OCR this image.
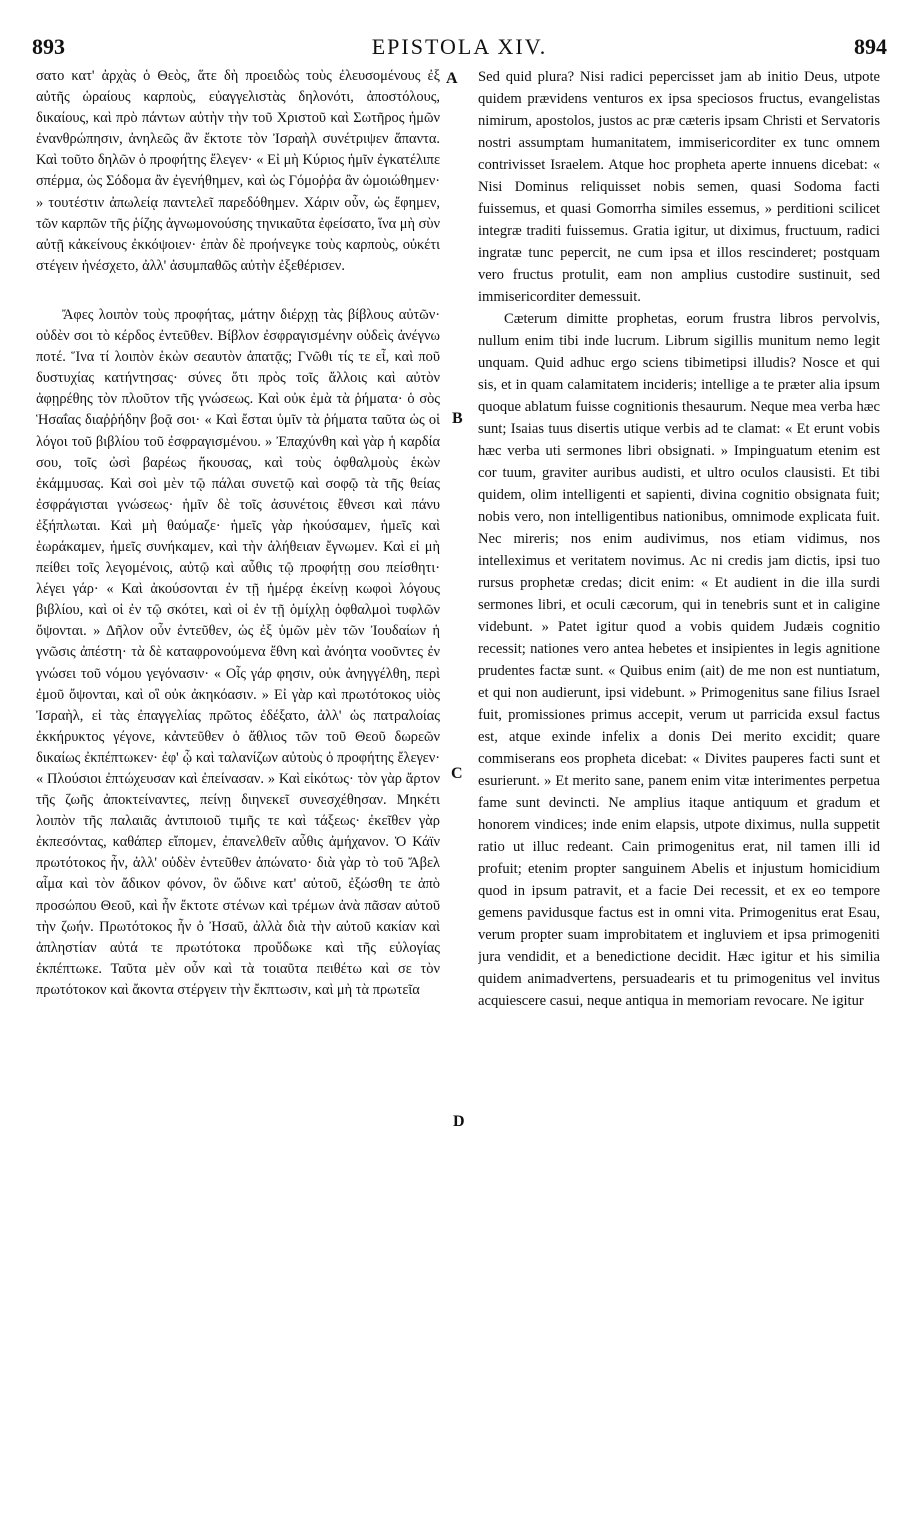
893	EPISTOLA XIV.	894

σατο κατ' ἀρχὰς ὁ Θεὸς, ἅτε δὴ προειδὼς τοὺς ἐλευσομένους ἐξ αὐτῆς ὡραίους καρποὺς, εὐαγγελιστὰς δηλονότι, ἀποστόλους, δικαίους, καὶ πρὸ πάντων αὐτὴν τὴν τοῦ Χριστοῦ καὶ Σωτῆρος ἡμῶν ἐνανθρώπησιν, ἀνηλεῶς ἂν ἔκτοτε τὸν Ἰσραὴλ συνέτριψεν ἅπαντα. Καὶ τοῦτο δηλῶν ὁ προφήτης ἔλεγεν· « Εἰ μὴ Κύριος ἡμῖν ἐγκατέλιπε σπέρμα, ὡς Σόδομα ἂν ἐγενήθημεν, καὶ ὡς Γόμοῤῥα ἂν ὡμοιώθημεν· » τουτέστιν ἀπωλείᾳ παντελεῖ παρεδόθημεν. Χάριν οὖν, ὡς ἔφημεν, τῶν καρπῶν τῆς ῥίζης ἀγνωμονούσης τηνικαῦτα ἐφείσατο, ἵνα μὴ σὺν αὐτῇ κἀκείνους ἐκκόψοιεν· ἐπὰν δὲ προήνεγκε τοὺς καρποὺς, οὐκέτι στέγειν ἠνέσχετο, ἀλλ' ἀσυμπαθῶς αὐτὴν ἐξεθέρισεν.

Ἄφες λοιπὸν τοὺς προφήτας, μάτην διέρχῃ τὰς βίβλους αὐτῶν· οὐδὲν σοι τὸ κέρδος ἐντεῦθεν. Βίβλον ἐσφραγισμένην οὐδεὶς ἀνέγνω ποτέ. Ἵνα τί λοιπὸν ἑκὼν σεαυτὸν ἀπατᾷς; Γνῶθι τίς τε εἶ, καὶ ποῦ δυστυχίας κατήντησας· σύνες ὅτι πρὸς τοῖς ἄλλοις καὶ αὐτὸν ἀφῃρέθης τὸν πλοῦτον τῆς γνώσεως. Καὶ οὐκ ἐμὰ τὰ ῥήματα· ὁ σὸς Ἡσαΐας διαῤῥήδην βοᾷ σοι· « Καὶ ἔσται ὑμῖν τὰ ῥήματα ταῦτα ὡς οἱ λόγοι τοῦ βιβλίου τοῦ ἐσφραγισμένου. » Ἐπαχύνθη καὶ γὰρ ἡ καρδία σου, τοῖς ὠσὶ βαρέως ἤκουσας, καὶ τοὺς ὀφθαλμοὺς ἑκὼν ἐκάμμυσας. Καὶ σοὶ μὲν τῷ πάλαι συνετῷ καὶ σοφῷ τὰ τῆς θείας ἐσφράγισται γνώσεως· ἡμῖν δὲ τοῖς ἀσυνέτοις ἔθνεσι καὶ πάνυ ἐξήπλωται. Καὶ μὴ θαύμαζε· ἡμεῖς γὰρ ἠκούσαμεν, ἡμεῖς καὶ ἑωράκαμεν, ἡμεῖς συνήκαμεν, καὶ τὴν ἀλήθειαν ἔγνωμεν. Καὶ εἰ μὴ πείθει τοῖς λεγομένοις, αὐτῷ καὶ αὖθις τῷ προφήτῃ σου πείσθητι· λέγει γάρ· « Καὶ ἀκούσονται ἐν τῇ ἡμέρᾳ ἐκείνῃ κωφοὶ λόγους βιβλίου, καὶ οἱ ἐν τῷ σκότει, καὶ οἱ ἐν τῇ ὁμίχλῃ ὀφθαλμοὶ τυφλῶν ὄψονται. » Δῆλον οὖν ἐντεῦθεν, ὡς ἐξ ὑμῶν μὲν τῶν Ἰουδαίων ἡ γνῶσις ἀπέστη· τὰ δὲ καταφρονούμενα ἔθνη καὶ ἀνόητα νοοῦντες ἐν γνώσει τοῦ νόμου γεγόνασιν· « Οἷς γάρ φησιν, οὐκ ἀνηγγέλθη, περὶ ἐμοῦ ὄψονται, καὶ οἳ οὐκ ἀκηκόασιν. » Εἰ γὰρ καὶ πρωτότοκος υἱὸς Ἰσραὴλ, εἰ τὰς ἐπαγγελίας πρῶτος ἐδέξατο, ἀλλ' ὡς πατραλοίας ἐκκήρυκτος γέγονε, κἀντεῦθεν ὁ ἄθλιος τῶν τοῦ Θεοῦ δωρεῶν δικαίως ἐκπέπτωκεν· ἐφ' ᾧ καὶ ταλανίζων αὐτοὺς ὁ προφήτης ἔλεγεν· « Πλούσιοι ἐπτώχευσαν καὶ ἐπείνασαν. » Καὶ εἰκότως· τὸν γὰρ ἄρτον τῆς ζωῆς ἀποκτείναντες, πείνῃ διηνεκεῖ συνεσχέθησαν. Μηκέτι λοιπὸν τῆς παλαιᾶς ἀντιποιοῦ τιμῆς τε καὶ τάξεως· ἐκεῖθεν γὰρ ἐκπεσόντας, καθάπερ εἴπομεν, ἐπανελθεῖν αὖθις ἀμήχανον. Ὁ Κάϊν πρωτότοκος ἦν, ἀλλ' οὐδὲν ἐντεῦθεν ἀπώνατο· διὰ γὰρ τὸ τοῦ Ἄβελ αἷμα καὶ τὸν ἄδικον φόνον, ὃν ὤδινε κατ' αὐτοῦ, ἐξώσθη τε ἀπὸ προσώπου Θεοῦ, καὶ ἦν ἔκτοτε στένων καὶ τρέμων ἀνὰ πᾶσαν αὐτοῦ τὴν ζωήν. Πρωτότοκος ἦν ὁ Ἠσαῦ, ἀλλὰ διὰ τὴν αὐτοῦ κακίαν καὶ ἀπληστίαν αὐτά τε πρωτότοκα προὔδωκε καὶ τῆς εὐλογίας ἐκπέπτωκε. Ταῦτα μὲν οὖν καὶ τὰ τοιαῦτα πειθέτω καὶ σε τὸν πρωτότοκον καὶ ἄκοντα στέργειν τὴν ἔκπτωσιν, καὶ μὴ τὰ πρωτεῖα

A
B
C
D

Sed quid plura? Nisi radici pepercisset jam ab initio Deus, utpote quidem prævidens venturos ex ipsa speciosos fructus, evangelistas nimirum, apostolos, justos ac præ cæteris ipsam Christi et Servatoris nostri assumptam humanitatem, immisericorditer ex tunc omnem contrivisset Israelem. Atque hoc propheta aperte innuens dicebat: « Nisi Dominus reliquisset nobis semen, quasi Sodoma facti fuissemus, et quasi Gomorrha similes essemus, » perditioni scilicet integræ traditi fuissemus. Gratia igitur, ut diximus, fructuum, radici ingratæ tunc pepercit, ne cum ipsa et illos rescinderet; postquam vero fructus protulit, eam non amplius custodire sustinuit, sed immisericorditer demessuit.

Cæterum dimitte prophetas, eorum frustra libros pervolvis, nullum enim tibi inde lucrum. Librum sigillis munitum nemo legit unquam. Quid adhuc ergo sciens tibimetipsi illudis? Nosce et qui sis, et in quam calamitatem incideris; intellige a te præter alia ipsum quoque ablatum fuisse cognitionis thesaurum. Neque mea verba hæc sunt; Isaias tuus disertis utique verbis ad te clamat: « Et erunt vobis hæc verba uti sermones libri obsignati. » Impinguatum etenim est cor tuum, graviter auribus audisti, et ultro oculos clausisti. Et tibi quidem, olim intelligenti et sapienti, divina cognitio obsignata fuit; nobis vero, non intelligentibus nationibus, omnimode explicata fuit. Nec mireris; nos enim audivimus, nos etiam vidimus, nos intelleximus et veritatem novimus. Ac ni credis jam dictis, ipsi tuo rursus prophetæ credas; dicit enim: « Et audient in die illa surdi sermones libri, et oculi cæcorum, qui in tenebris sunt et in caligine videbunt. » Patet igitur quod a vobis quidem Judæis cognitio recessit; nationes vero antea hebetes et insipientes in legis agnitione prudentes factæ sunt. « Quibus enim (ait) de me non est nuntiatum, et qui non audierunt, ipsi videbunt. » Primogenitus sane filius Israel fuit, promissiones primus accepit, verum ut parricida exsul factus est, atque exinde infelix a donis Dei merito excidit; quare commiserans eos propheta dicebat: « Divites pauperes facti sunt et esurierunt. » Et merito sane, panem enim vitæ interimentes perpetua fame sunt devincti. Ne amplius itaque antiquum et gradum et honorem vindices; inde enim elapsis, utpote diximus, nulla suppetit ratio ut illuc redeant. Cain primogenitus erat, nil tamen illi id profuit; etenim propter sanguinem Abelis et injustum homicidium quod in ipsum patravit, et a facie Dei recessit, et ex eo tempore gemens pavidusque factus est in omni vita. Primogenitus erat Esau, verum propter suam improbitatem et ingluviem et ipsa primogeniti jura vendidit, et a benedictione decidit. Hæc igitur et his similia quidem animadvertens, persuadearis et tu primogenitus vel invitus acquiescere casui, neque antiqua in memoriam revocare. Ne igitur
